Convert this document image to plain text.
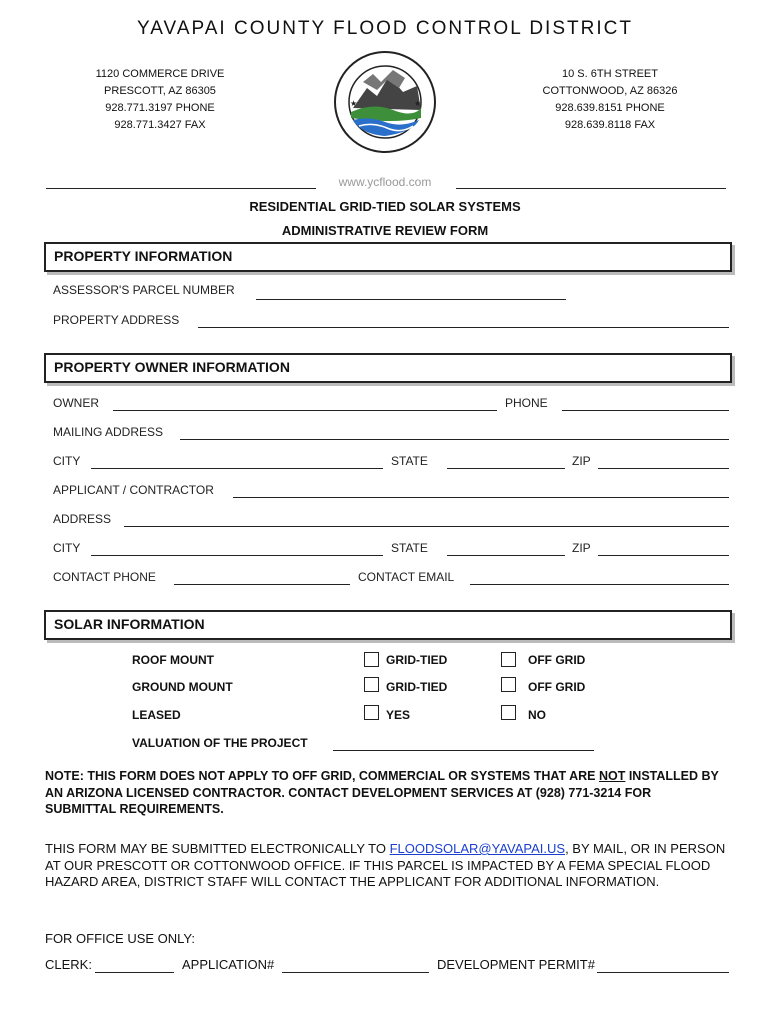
YAVAPAI COUNTY FLOOD CONTROL DISTRICT
1120 COMMERCE DRIVE
PRESCOTT, AZ 86305
928.771.3197 PHONE
928.771.3427 FAX
★	★
10 S. 6TH STREET
COTTONWOOD, AZ 86326
928.639.8151 PHONE
928.639.8118 FAX
www.ycflood.com
RESIDENTIAL GRID-TIED SOLAR SYSTEMS
ADMINISTRATIVE REVIEW FORM
PROPERTY INFORMATION
ASSESSOR'S PARCEL NUMBER
PROPERTY ADDRESS
PROPERTY OWNER INFORMATION
OWNER	PHONE
MAILING ADDRESS
CITY	STATE	ZIP
APPLICANT / CONTRACTOR
ADDRESS
CITY	STATE	ZIP
CONTACT PHONE	CONTACT EMAIL
SOLAR INFORMATION
ROOF MOUNT	GRID-TIED	OFF GRID
GROUND MOUNT	GRID-TIED	OFF GRID
LEASED	YES	NO
VALUATION OF THE PROJECT
NOTE: THIS FORM DOES NOT APPLY TO OFF GRID, COMMERCIAL OR SYSTEMS THAT ARE NOT INSTALLED BY AN ARIZONA LICENSED CONTRACTOR. CONTACT DEVELOPMENT SERVICES AT (928) 771-3214 FOR SUBMITTAL REQUIREMENTS.
THIS FORM MAY BE SUBMITTED ELECTRONICALLY TO FLOODSOLAR@YAVAPAI.US, BY MAIL, OR IN PERSON AT OUR PRESCOTT OR COTTONWOOD OFFICE. IF THIS PARCEL IS IMPACTED BY A FEMA SPECIAL FLOOD HAZARD AREA, DISTRICT STAFF WILL CONTACT THE APPLICANT FOR ADDITIONAL INFORMATION.
FOR OFFICE USE ONLY:
CLERK:	APPLICATION#	DEVELOPMENT PERMIT#
